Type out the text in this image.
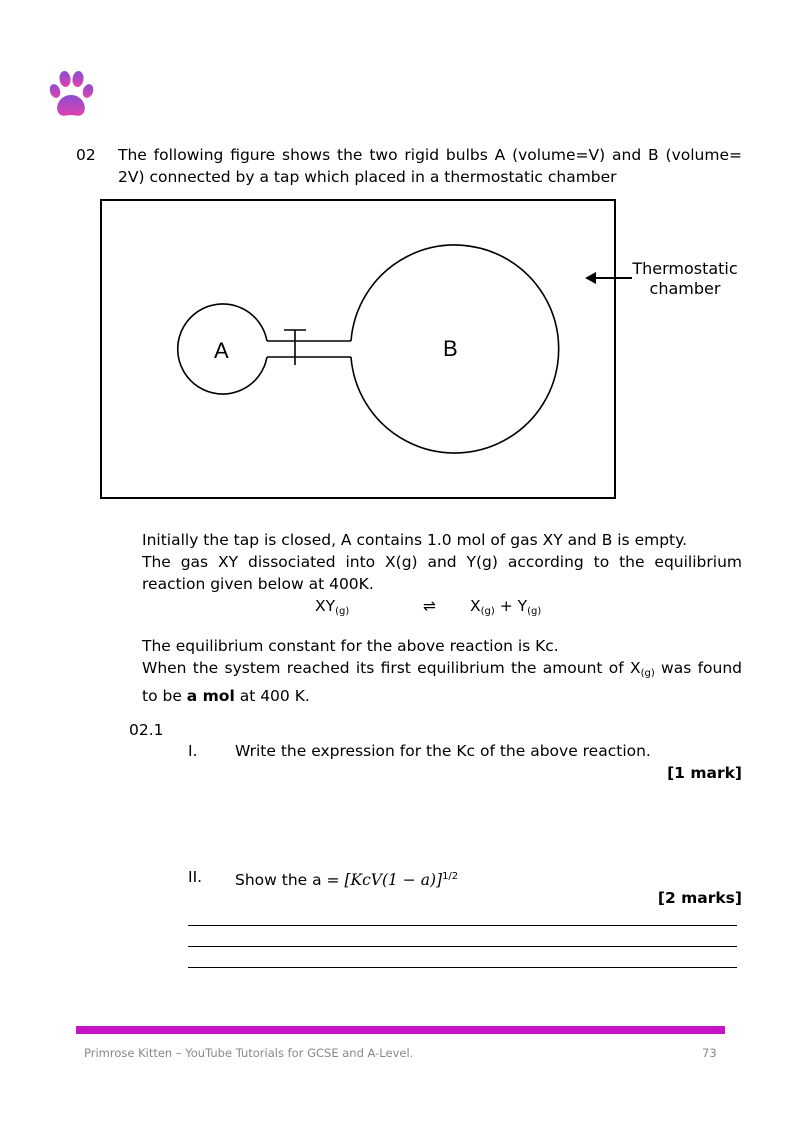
02 The following figure shows the two rigid bulbs A (volume=V) and B (volume=
2V) connected by a tap which placed in a thermostatic chamber
A	B
Thermostatic
chamber
Initially the tap is closed, A contains 1.0 mol of gas XY and B is empty.
The gas XY dissociated into X(g) and Y(g) according to the equilibrium
reaction given below at 400K.
$XY_{(g)}$	⇌ $X_{(g)} + Y_{(g)}$
The equilibrium constant for the above reaction is Kc.
When the system reached its first equilibrium the amount of $X_{(g)}$ was found
to be a mol at 400 K.
02.1
I. Write the expression for the Kc of the above reaction.
[1 mark]
II. Show the $a = [KcV(1 - a)]^{1/2}$
[2 marks]
Primrose Kitten – YouTube Tutorials for GCSE and A-Level.	73
